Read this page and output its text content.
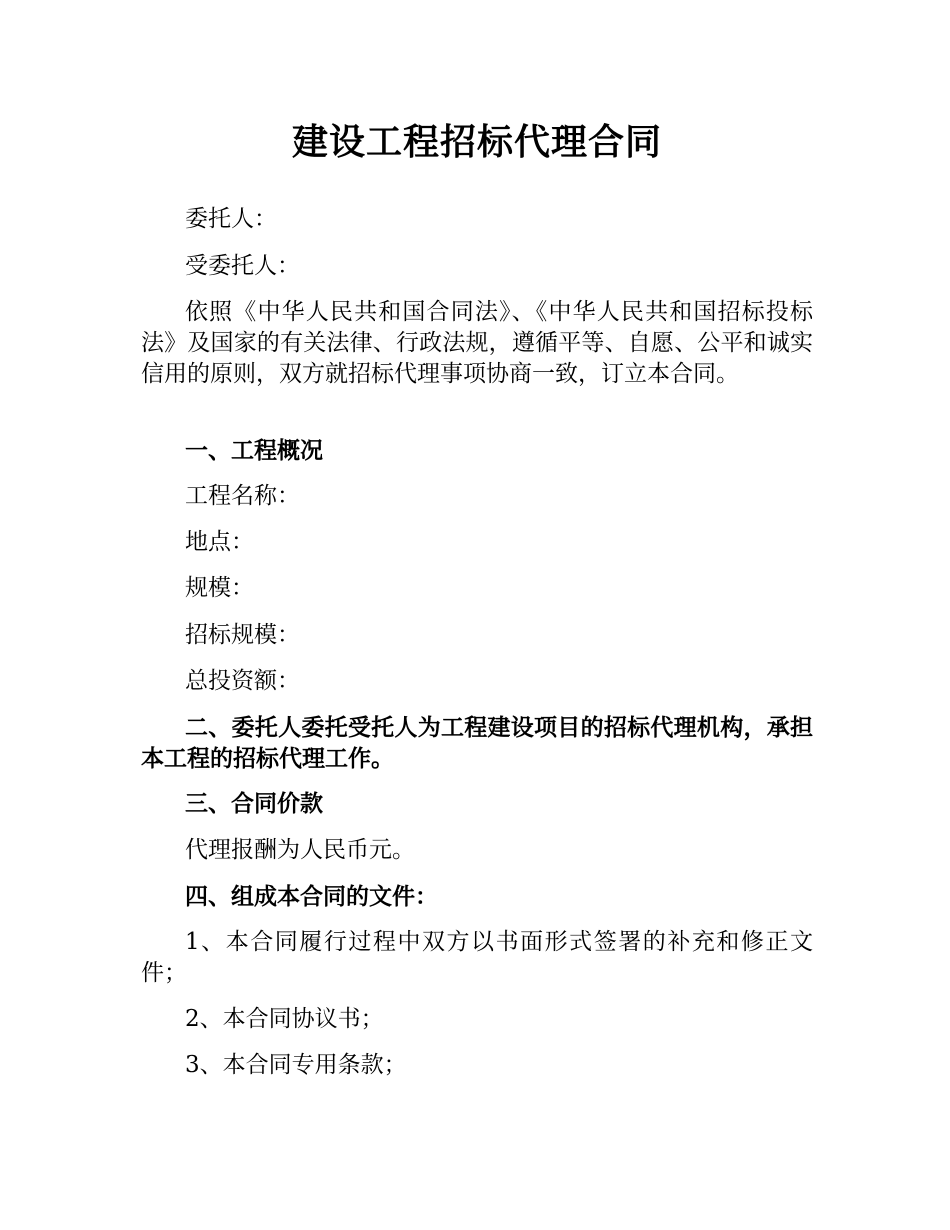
建设工程招标代理合同

委托人：

受委托人：

依照《中华人民共和国合同法》、《中华人民共和国招标投标法》及国家的有关法律、行政法规，遵循平等、自愿、公平和诚实信用的原则，双方就招标代理事项协商一致，订立本合同。

一、工程概况

工程名称：

地点：

规模：

招标规模：

总投资额：

二、委托人委托受托人为工程建设项目的招标代理机构，承担本工程的招标代理工作。

三、合同价款

代理报酬为人民币元。

四、组成本合同的文件：

1、本合同履行过程中双方以书面形式签署的补充和修正文件；

2、本合同协议书；

3、本合同专用条款；
